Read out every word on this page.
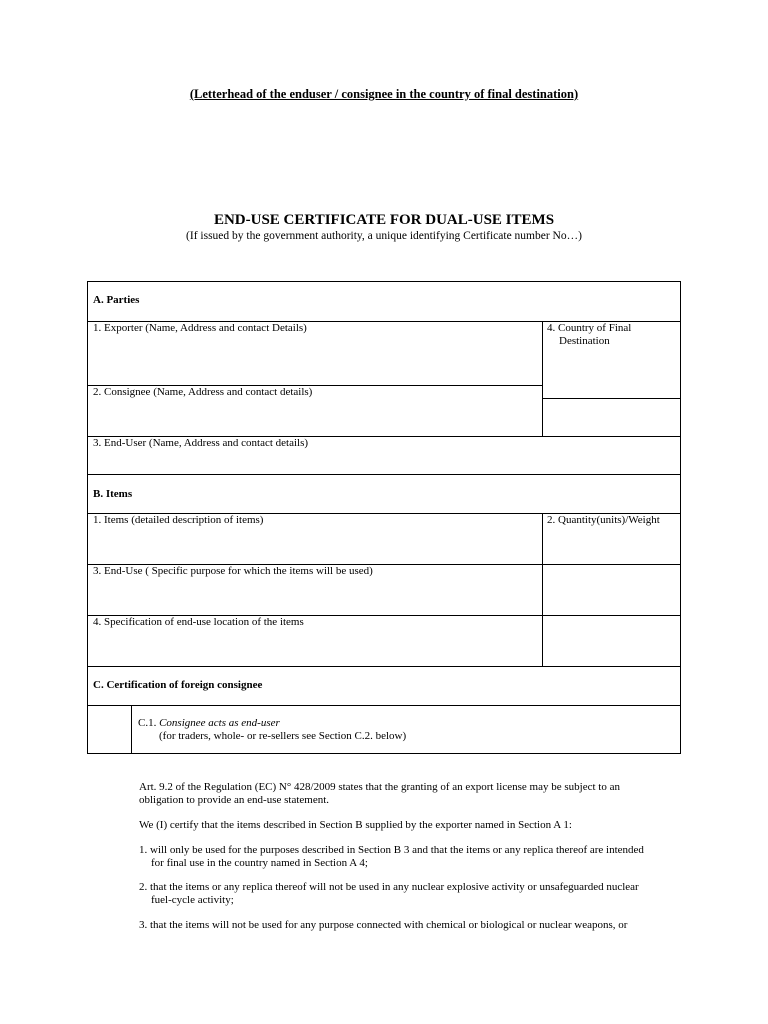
(Letterhead of the enduser / consignee in the country of final destination)
END-USE CERTIFICATE FOR DUAL-USE ITEMS
(If issued by the government authority, a unique identifying Certificate number No…)
A. Parties
1. Exporter (Name, Address and contact Details)	4. Country of Final
Destination
2. Consignee (Name, Address and contact details)
3. End-User (Name, Address and contact details)
B. Items
1. Items (detailed description of items)	2. Quantity(units)/Weight
3. End-Use ( Specific purpose for which the items will be used)
4. Specification of end-use location of the items
C. Certification of foreign consignee
C.1. Consignee acts as end-user
(for traders, whole- or re-sellers see Section C.2. below)
Art. 9.2 of the Regulation (EC) N° 428/2009 states that the granting of an export license may be subject to an
obligation to provide an end-use statement.
We (I) certify that the items described in Section B supplied by the exporter named in Section A 1:
1. will only be used for the purposes described in Section B 3 and that the items or any replica thereof are intended
for final use in the country named in Section A 4;
2. that the items or any replica thereof will not be used in any nuclear explosive activity or unsafeguarded nuclear
fuel-cycle activity;
3. that the items will not be used for any purpose connected with chemical or biological or nuclear weapons, or
